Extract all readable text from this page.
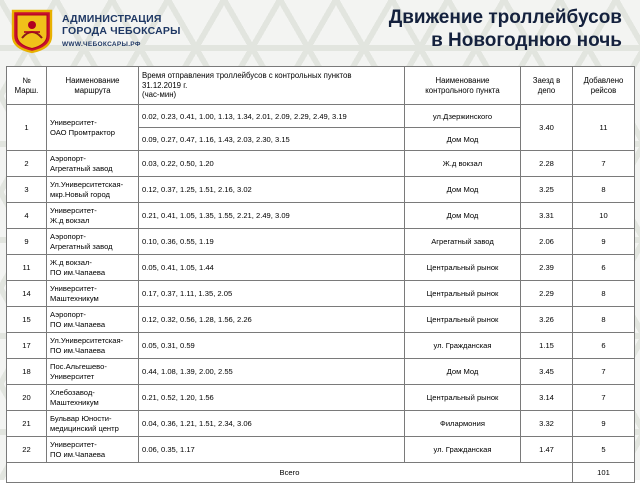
АДМИНИСТРАЦИЯ
ГОРОДА ЧЕБОКСАРЫ
WWW.ЧЕБОКСАРЫ.РФ
Движение троллейбусов
в Новогоднюю ночь
№ Марш.
	Наименование маршрута	
Время отправления троллейбусов с контрольных пунктов
31.12.2019 г.
(час-мин)

Наименование
контрольного пункта
	Заезд в депо	Добавлено рейсов
1	Университет-
ОАО Промтрактор	0.02, 0.23, 0.41, 1.00, 1.13, 1.34, 2.01, 2.09, 2.29, 2.49, 3.19	ул.Дзержинского	3.40	11
		0.09, 0.27, 0.47, 1.16, 1.43, 2.03, 2.30, 3.15	Дом Мод		
2	Аэропорт-
Агрегатный завод	0.03, 0.22, 0.50, 1.20	Ж.д вокзал	2.28	7
3	Ул.Университетская-
мкр.Новый город	0.12, 0.37, 1.25, 1.51, 2.16, 3.02	Дом Мод	3.25	8
4	Университет-
Ж.д вокзал	0.21, 0.41, 1.05, 1.35, 1.55, 2.21, 2.49, 3.09	Дом Мод	3.31	10
9	Аэропорт-
Агрегатный завод	0.10, 0.36, 0.55, 1.19	Агрегатный завод	2.06	9
11	Ж.д вокзал-
ПО им.Чапаева	0.05, 0.41, 1.05, 1.44	Центральный рынок	2.39	6
14	Университет-
Маштехникум	0.17, 0.37, 1.11, 1.35, 2.05	Центральный рынок	2.29	8
15	Аэропорт-
ПО им.Чапаева	0.12, 0.32, 0.56, 1.28, 1.56, 2.26	Центральный рынок	3.26	8
17	Ул.Университетская-
ПО им.Чапаева	0.05, 0.31, 0.59	ул. Гражданская	1.15	6
18	Пос.Альгешево-
Университет	0.44, 1.08, 1.39, 2.00, 2.55	Дом Мод	3.45	7
20	Хлебозавод-
Маштехникум	0.21, 0.52, 1.20, 1.56	Центральный рынок	3.14	7
21	Бульвар Юности-
медицинский центр	0.04, 0.36, 1.21, 1.51, 2.34, 3.06	Филармония	3.32	9
22	Университет-
ПО им.Чапаева	0.06, 0.35, 1.17	ул. Гражданская	1.47	5
Всего					101
